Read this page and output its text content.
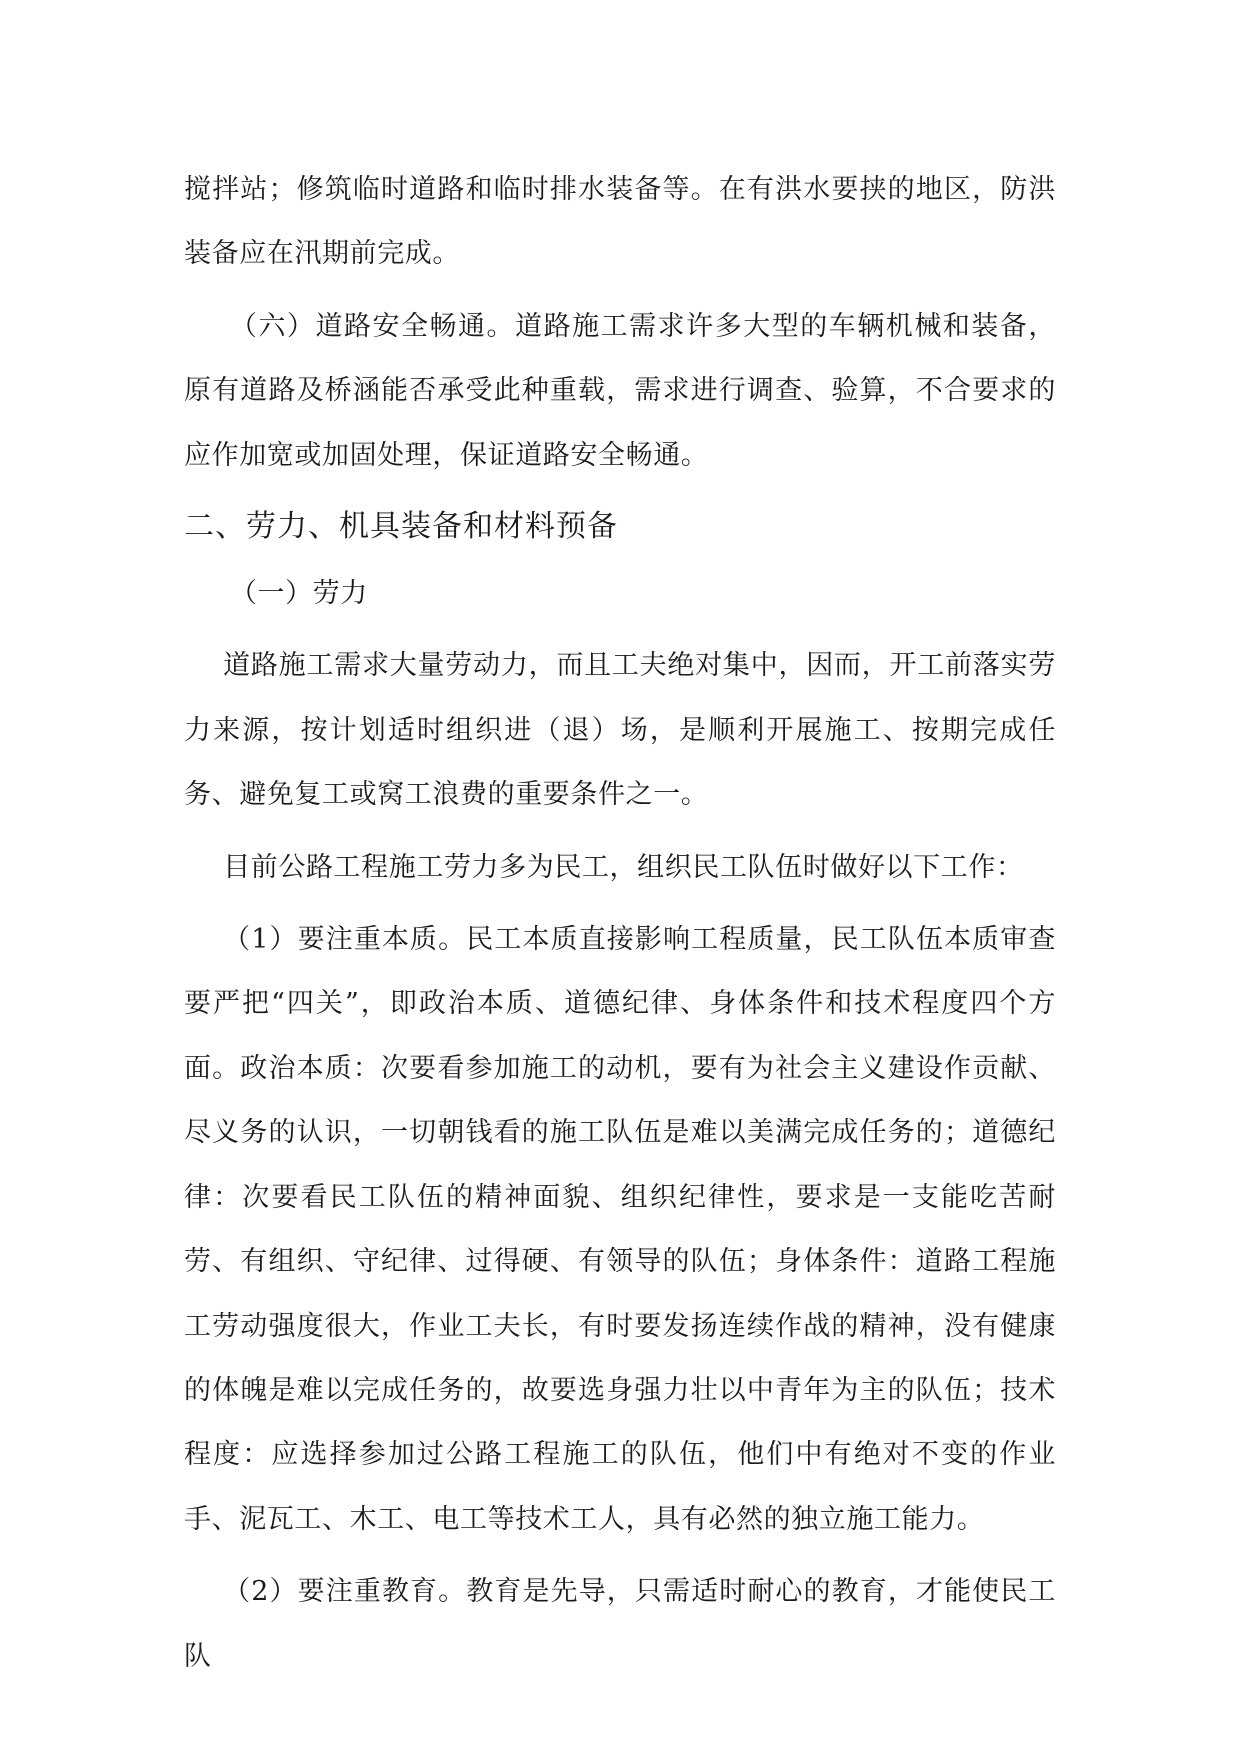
搅拌站；修筑临时道路和临时排水装备等。在有洪水要挟的地区，防洪装备应在汛期前完成。

（六）道路安全畅通。道路施工需求许多大型的车辆机械和装备，原有道路及桥涵能否承受此种重载，需求进行调查、验算，不合要求的应作加宽或加固处理，保证道路安全畅通。

二、劳力、机具装备和材料预备

（一）劳力

道路施工需求大量劳动力，而且工夫绝对集中，因而，开工前落实劳力来源，按计划适时组织进（退）场，是顺利开展施工、按期完成任务、避免复工或窝工浪费的重要条件之一。

目前公路工程施工劳力多为民工，组织民工队伍时做好以下工作：

（1）要注重本质。民工本质直接影响工程质量，民工队伍本质审查要严把“四关”，即政治本质、道德纪律、身体条件和技术程度四个方面。政治本质：次要看参加施工的动机，要有为社会主义建设作贡献、尽义务的认识，一切朝钱看的施工队伍是难以美满完成任务的；道德纪律：次要看民工队伍的精神面貌、组织纪律性，要求是一支能吃苦耐劳、有组织、守纪律、过得硬、有领导的队伍；身体条件：道路工程施工劳动强度很大，作业工夫长，有时要发扬连续作战的精神，没有健康的体魄是难以完成任务的，故要选身强力壮以中青年为主的队伍；技术程度：应选择参加过公路工程施工的队伍，他们中有绝对不变的作业手、泥瓦工、木工、电工等技术工人，具有必然的独立施工能力。

（2）要注重教育。教育是先导，只需适时耐心的教育，才能使民工队
